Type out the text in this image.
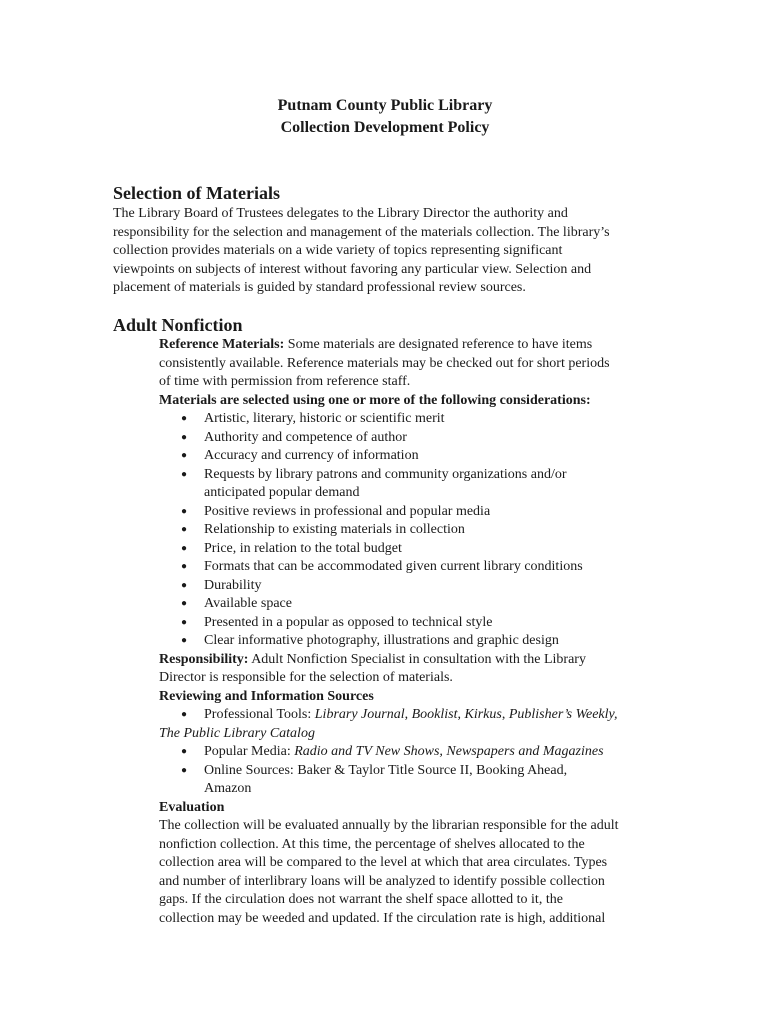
Putnam County Public Library
Collection Development Policy
Selection of Materials
The Library Board of Trustees delegates to the Library Director the authority and
responsibility for the selection and management of the materials collection. The library’s
collection provides materials on a wide variety of topics representing significant
viewpoints on subjects of interest without favoring any particular view. Selection and
placement of materials is guided by standard professional review sources.
Adult Nonfiction
Reference Materials: Some materials are designated reference to have items
consistently available. Reference materials may be checked out for short periods
of time with permission from reference staff.
Materials are selected using one or more of the following considerations:
● Artistic, literary, historic or scientific merit
● Authority and competence of author
● Accuracy and currency of information
● Requests by library patrons and community organizations and/or
anticipated popular demand
● Positive reviews in professional and popular media
● Relationship to existing materials in collection
● Price, in relation to the total budget
● Formats that can be accommodated given current library conditions
● Durability
● Available space
● Presented in a popular as opposed to technical style
● Clear informative photography, illustrations and graphic design
Responsibility: Adult Nonfiction Specialist in consultation with the Library
Director is responsible for the selection of materials.
Reviewing and Information Sources
● Professional Tools: Library Journal, Booklist, Kirkus, Publisher’s Weekly,
The Public Library Catalog
● Popular Media: Radio and TV New Shows, Newspapers and Magazines
● Online Sources: Baker & Taylor Title Source II, Booking Ahead,
Amazon
Evaluation
The collection will be evaluated annually by the librarian responsible for the adult
nonfiction collection. At this time, the percentage of shelves allocated to the
collection area will be compared to the level at which that area circulates. Types
and number of interlibrary loans will be analyzed to identify possible collection
gaps. If the circulation does not warrant the shelf space allotted to it, the
collection may be weeded and updated. If the circulation rate is high, additional
